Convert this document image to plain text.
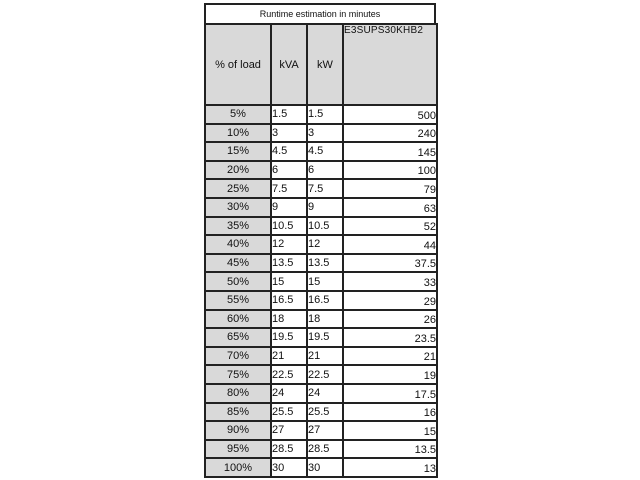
Runtime estimation in minutes
% of load	kVA	kW	E3SUPS30KHB2
5%	1.5	1.5	500
10%	3	3	240
15%	4.5	4.5	145
20%	6	6	100
25%	7.5	7.5	79
30%	9	9	63
35%	10.5	10.5	52
40%	12	12	44
45%	13.5	13.5	37.5
50%	15	15	33
55%	16.5	16.5	29
60%	18	18	26
65%	19.5	19.5	23.5
70%	21	21	21
75%	22.5	22.5	19
80%	24	24	17.5
85%	25.5	25.5	16
90%	27	27	15
95%	28.5	28.5	13.5
100%	30	30	13
